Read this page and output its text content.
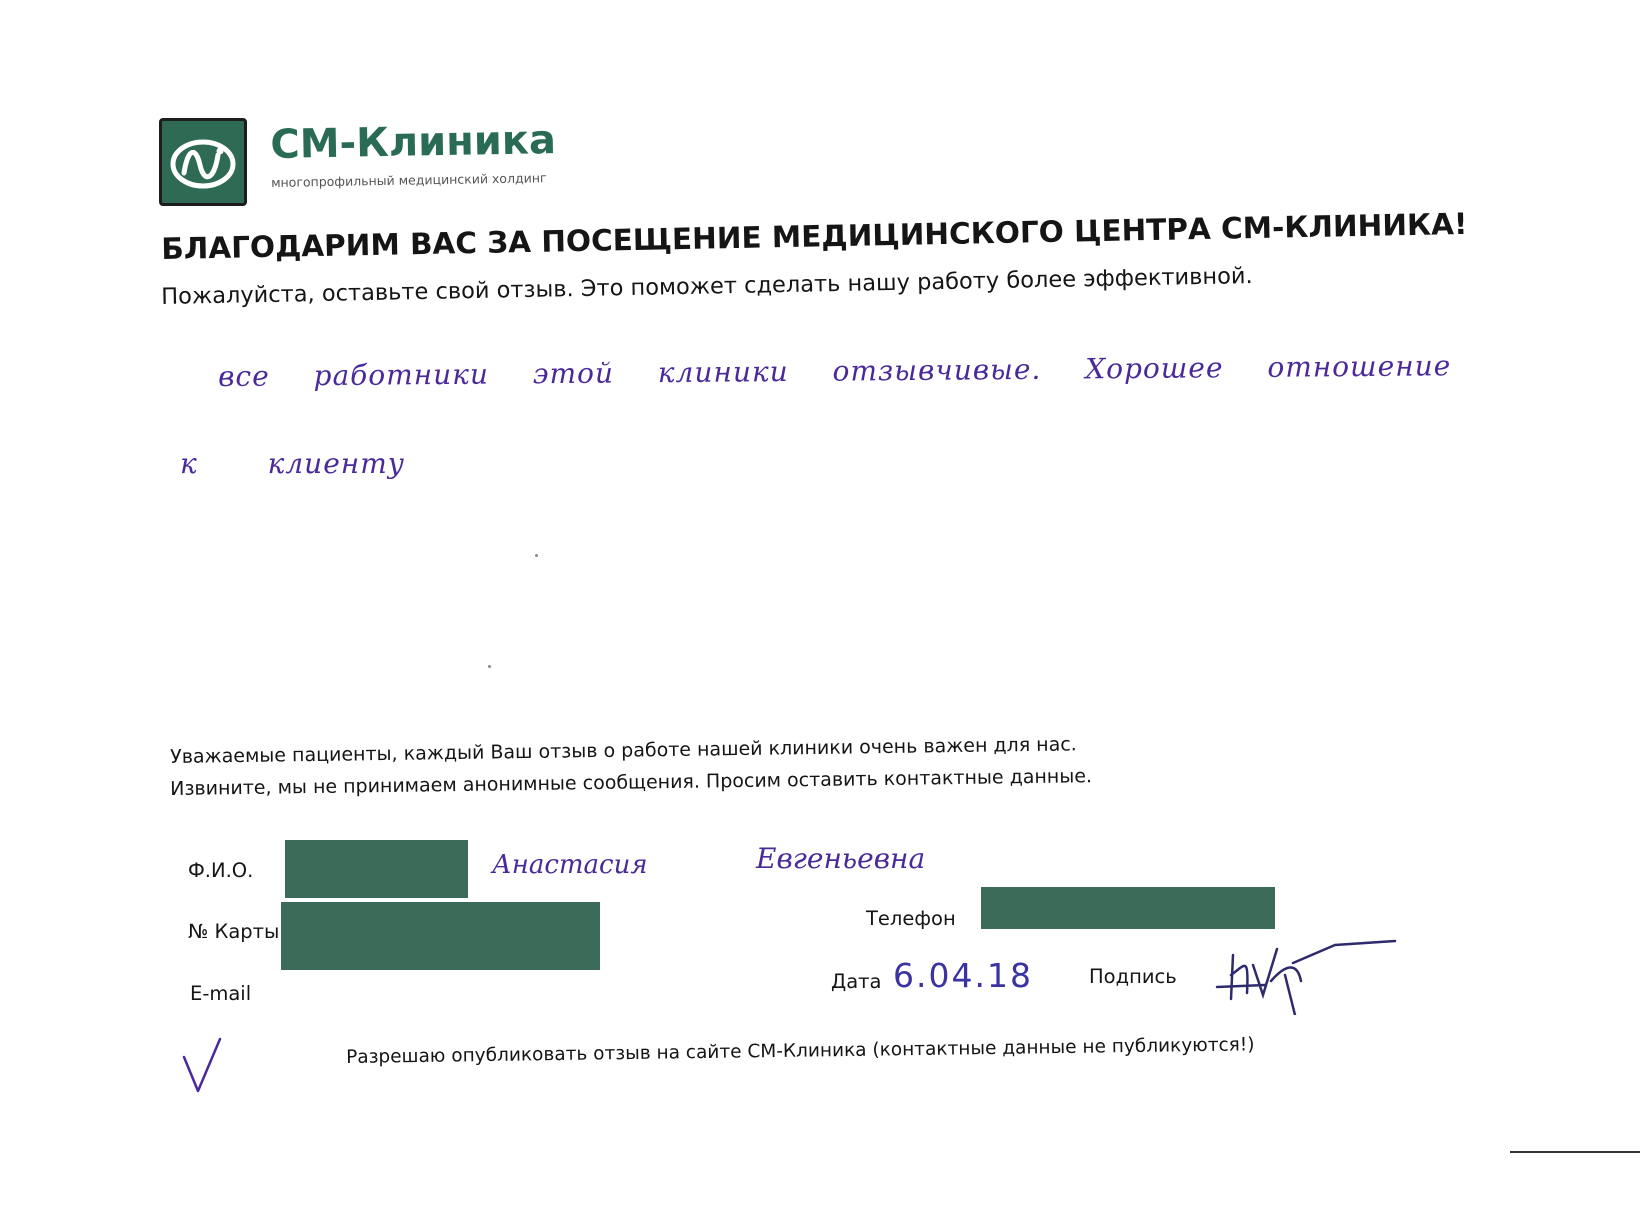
СМ-Клиника
многопрофильный медицинский холдинг
БЛАГОДАРИМ ВАС ЗА ПОСЕЩЕНИЕ МЕДИЦИНСКОГО ЦЕНТРА СМ-КЛИНИКА!
Пожалуйста, оставьте свой отзыв. Это поможет сделать нашу работу более эффективной.
все работники этой клиники отзывчивые. Хорошее отношение
к клиенту
Уважаемые пациенты, каждый Ваш отзыв о работе нашей клиники очень важен для нас.
Извините, мы не принимаем анонимные сообщения. Просим оставить контактные данные.
Ф.И.О.	Анастасия	Евгеньевна
№ Карты
Телефон
E-mail
Дата 6.04.18	Подпись
Разрешаю опубликовать отзыв на сайте СМ-Клиника (контактные данные не публикуются!)
